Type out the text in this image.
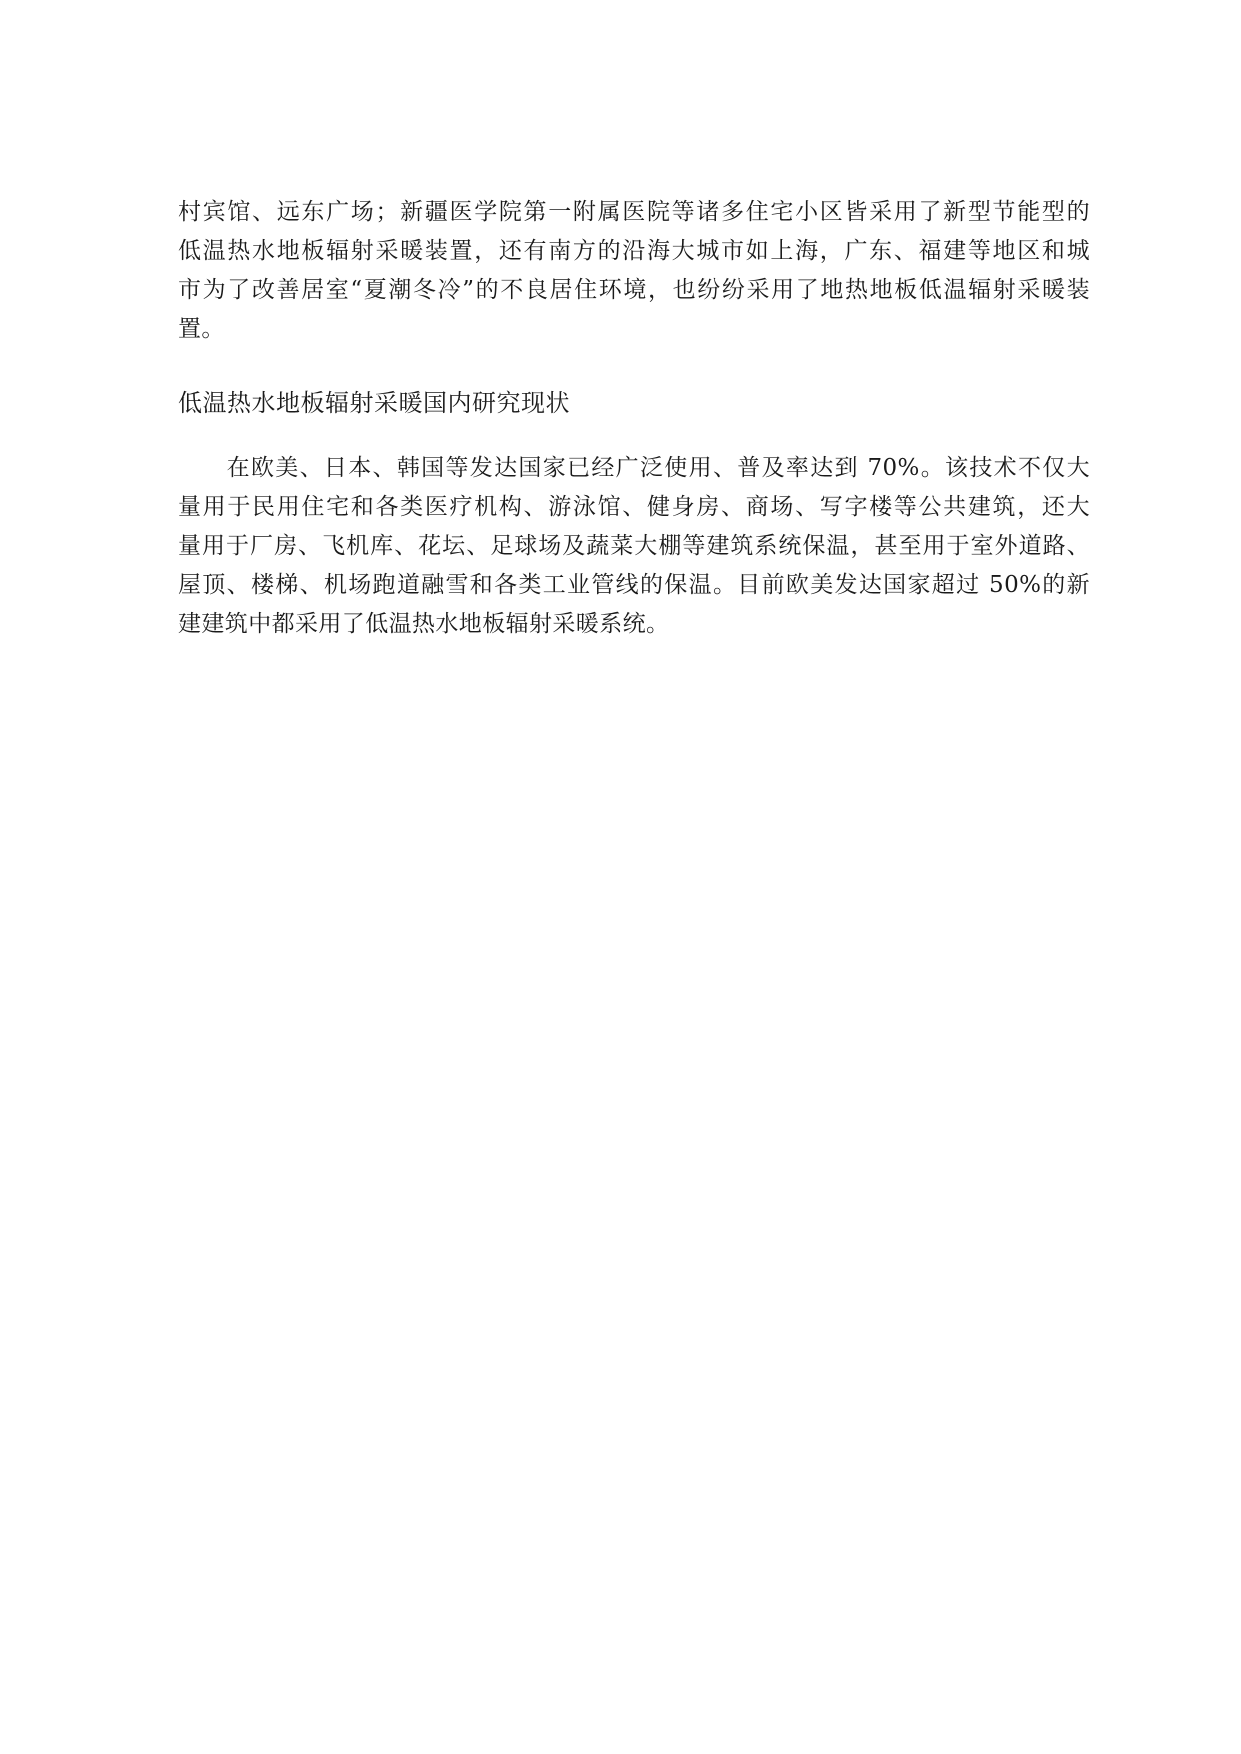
村宾馆、远东广场；新疆医学院第一附属医院等诸多住宅小区皆采用了新型节能型的
低温热水地板辐射采暖装置，还有南方的沿海大城市如上海，广东、福建等地区和城
市为了改善居室“夏潮冬冷”的不良居住环境，也纷纷采用了地热地板低温辐射采暖装
置。
低温热水地板辐射采暖国内研究现状
　　在欧美、日本、韩国等发达国家已经广泛使用、普及率达到 70%。该技术不仅大
量用于民用住宅和各类医疗机构、游泳馆、健身房、商场、写字楼等公共建筑，还大
量用于厂房、飞机库、花坛、足球场及蔬菜大棚等建筑系统保温，甚至用于室外道路、
屋顶、楼梯、机场跑道融雪和各类工业管线的保温。目前欧美发达国家超过 50%的新
建建筑中都采用了低温热水地板辐射采暖系统。
